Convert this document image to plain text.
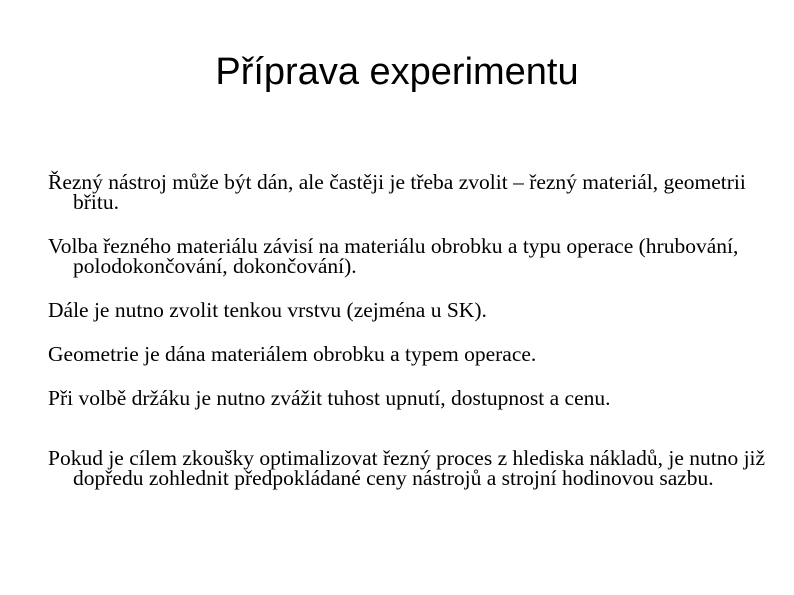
Příprava experimentu

Řezný nástroj může být dán, ale častěji je třeba zvolit – řezný materiál, geometrii břitu.

Volba řezného materiálu závisí na materiálu obrobku a typu operace (hrubování, polodokončování, dokončování).

Dále je nutno zvolit tenkou vrstvu (zejména u SK).

Geometrie je dána materiálem obrobku a typem operace.

Při volbě držáku je nutno zvážit tuhost upnutí, dostupnost a cenu.

Pokud je cílem zkoušky optimalizovat řezný proces z hlediska nákladů, je nutno již dopředu zohlednit předpokládané ceny nástrojů a strojní hodinovou sazbu.
